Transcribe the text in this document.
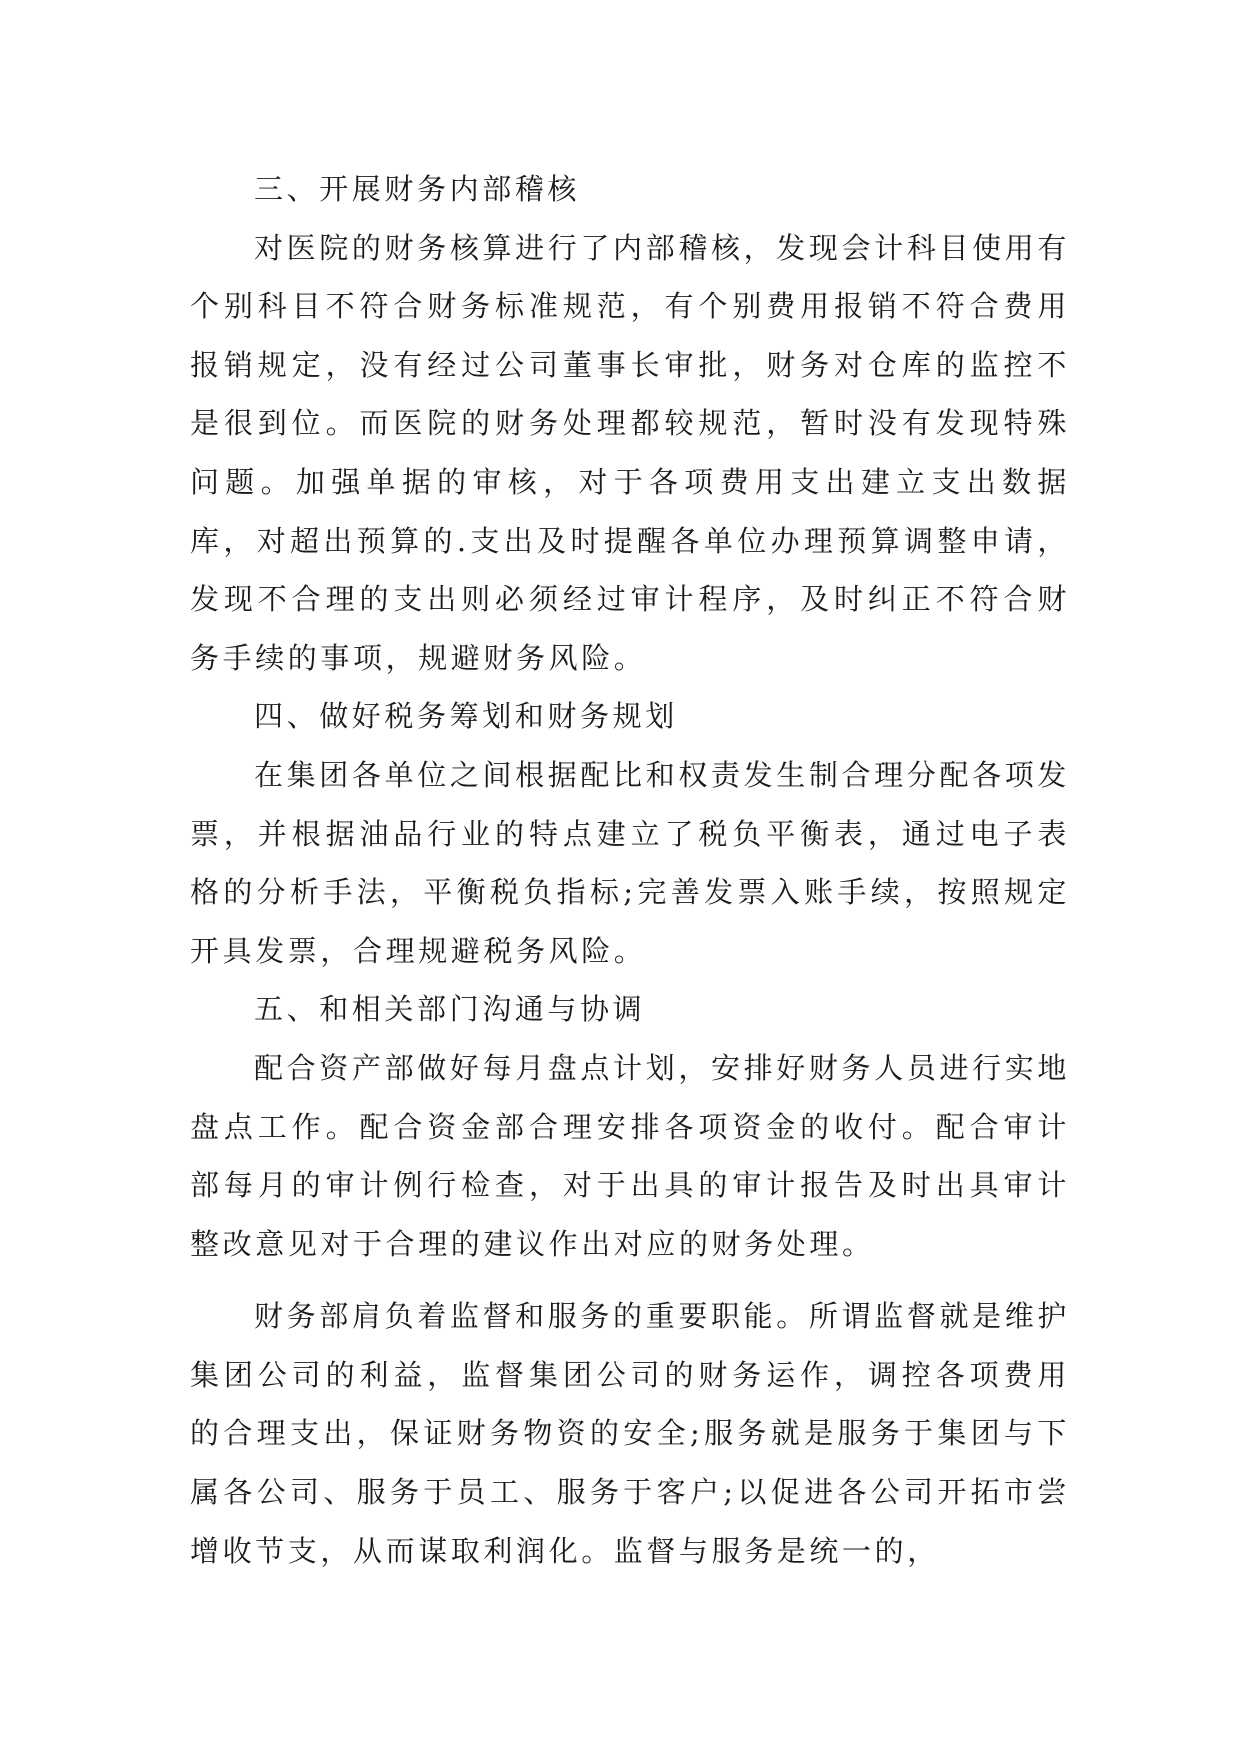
三、开展财务内部稽核

对医院的财务核算进行了内部稽核，发现会计科目使用有个别科目不符合财务标准规范，有个别费用报销不符合费用报销规定，没有经过公司董事长审批，财务对仓库的监控不是很到位。而医院的财务处理都较规范，暂时没有发现特殊问题。加强单据的审核，对于各项费用支出建立支出数据库，对超出预算的.支出及时提醒各单位办理预算调整申请，发现不合理的支出则必须经过审计程序，及时纠正不符合财务手续的事项，规避财务风险。

四、做好税务筹划和财务规划

在集团各单位之间根据配比和权责发生制合理分配各项发票，并根据油品行业的特点建立了税负平衡表，通过电子表格的分析手法，平衡税负指标;完善发票入账手续，按照规定开具发票，合理规避税务风险。

五、和相关部门沟通与协调

配合资产部做好每月盘点计划，安排好财务人员进行实地盘点工作。配合资金部合理安排各项资金的收付。配合审计部每月的审计例行检查，对于出具的审计报告及时出具审计整改意见对于合理的建议作出对应的财务处理。

财务部肩负着监督和服务的重要职能。所谓监督就是维护集团公司的利益，监督集团公司的财务运作，调控各项费用的合理支出，保证财务物资的安全;服务就是服务于集团与下属各公司、服务于员工、服务于客户;以促进各公司开拓市尝增收节支，从而谋取利润化。监督与服务是统一的，
